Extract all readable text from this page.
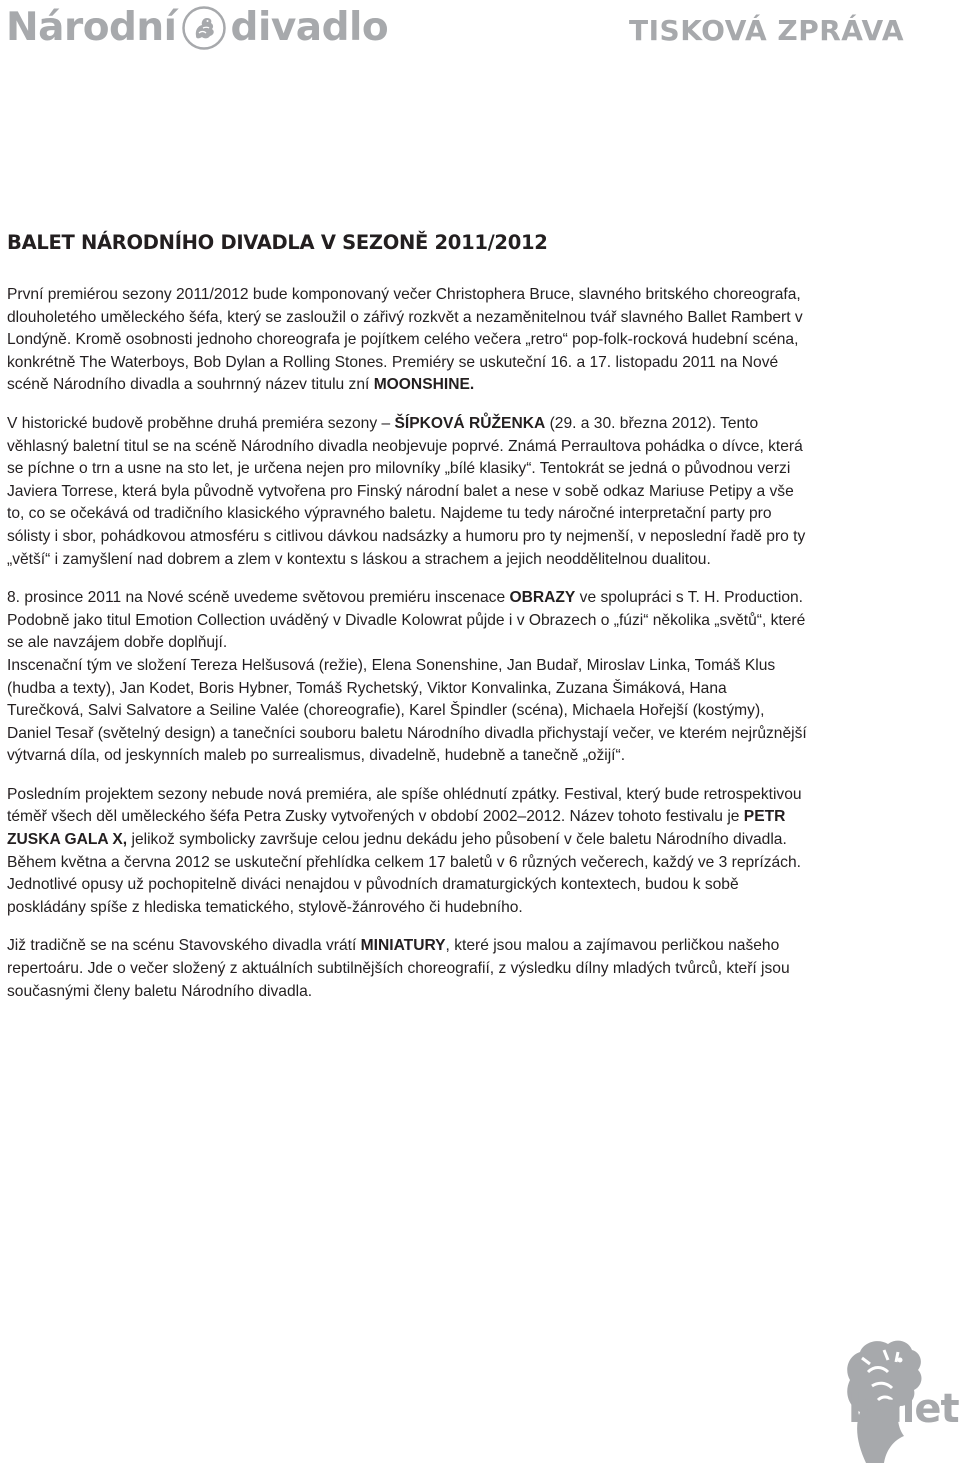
Národní divadlo	TISKOVÁ ZPRÁVA
BALET NÁRODNÍHO DIVADLA V SEZONĚ 2011/2012

První premiérou sezony 2011/2012 bude komponovaný večer Christophera Bruce, slavného britského choreografa, dlouholetého uměleckého šéfa, který se zasloužil o zářivý rozkvět a nezaměnitelnou tvář slavného Ballet Rambert v Londýně. Kromě osobnosti jednoho choreografa je pojítkem celého večera „retro“ pop-folk-rocková hudební scéna, konkrétně The Waterboys, Bob Dylan a Rolling Stones. Premiéry se uskuteční 16. a 17. listopadu 2011 na Nové scéně Národního divadla a souhrnný název titulu zní MOONSHINE.

V historické budově proběhne druhá premiéra sezony – ŠÍPKOVÁ RŮŽENKA (29. a 30. března 2012). Tento věhlasný baletní titul se na scéně Národního divadla neobjevuje poprvé. Známá Perraultova pohádka o dívce, která se píchne o trn a usne na sto let, je určena nejen pro milovníky „bílé klasiky“. Tentokrát se jedná o původnou verzi Javiera Torrese, která byla původně vytvořena pro Finský národní balet a nese v sobě odkaz Mariuse Petipy a vše to, co se očekává od tradičního klasického výpravného baletu. Najdeme tu tedy náročné interpretační party pro sólisty i sbor, pohádkovou atmosféru s citlivou dávkou nadsázky a humoru pro ty nejmenší, v neposlední řadě pro ty „větší“ i zamyšlení nad dobrem a zlem v kontextu s láskou a strachem a jejich neoddělitelnou dualitou.

8. prosince 2011 na Nové scéně uvedeme světovou premiéru inscenace OBRAZY ve spolupráci s T. H. Production. Podobně jako titul Emotion Collection uváděný v Divadle Kolowrat půjde i v Obrazech o „fúzi“ několika „světů“, které se ale navzájem dobře doplňují.

Inscenační tým ve složení Tereza Helšusová (režie), Elena Sonenshine, Jan Budař, Miroslav Linka, Tomáš Klus (hudba a texty), Jan Kodet, Boris Hybner, Tomáš Rychetský, Viktor Konvalinka, Zuzana Šimáková, Hana Turečková, Salvi Salvatore a Seiline Valée (choreografie), Karel Špindler (scéna), Michaela Hořejší (kostýmy), Daniel Tesař (světelný design) a tanečníci souboru baletu Národního divadla přichystají večer, ve kterém nejrůznější výtvarná díla, od jeskynních maleb po surrealismus, divadelně, hudebně a tanečně „ožijí“.

Posledním projektem sezony nebude nová premiéra, ale spíše ohlédnutí zpátky. Festival, který bude retrospektivou téměř všech děl uměleckého šéfa Petra Zusky vytvořených v období 2002–2012. Název tohoto festivalu je PETR ZUSKA GALA X, jelikož symbolicky završuje celou jednu dekádu jeho působení v čele baletu Národního divadla.

Během května a června 2012 se uskuteční přehlídka celkem 17 baletů v 6 různých večerech, každý ve 3 reprízách. Jednotlivé opusy už pochopitelně diváci nenajdou v původních dramaturgických kontextech, budou k sobě poskládány spíše z hlediska tematického, stylově-žánrového či hudebního.

Již tradičně se na scénu Stavovského divadla vrátí MINIATURY, které jsou malou a zajímavou perličkou našeho repertoáru. Jde o večer složený z aktuálních subtilnějších choreografií, z výsledku dílny mladých tvůrců, kteří jsou současnými členy baletu Národního divadla.

balet
